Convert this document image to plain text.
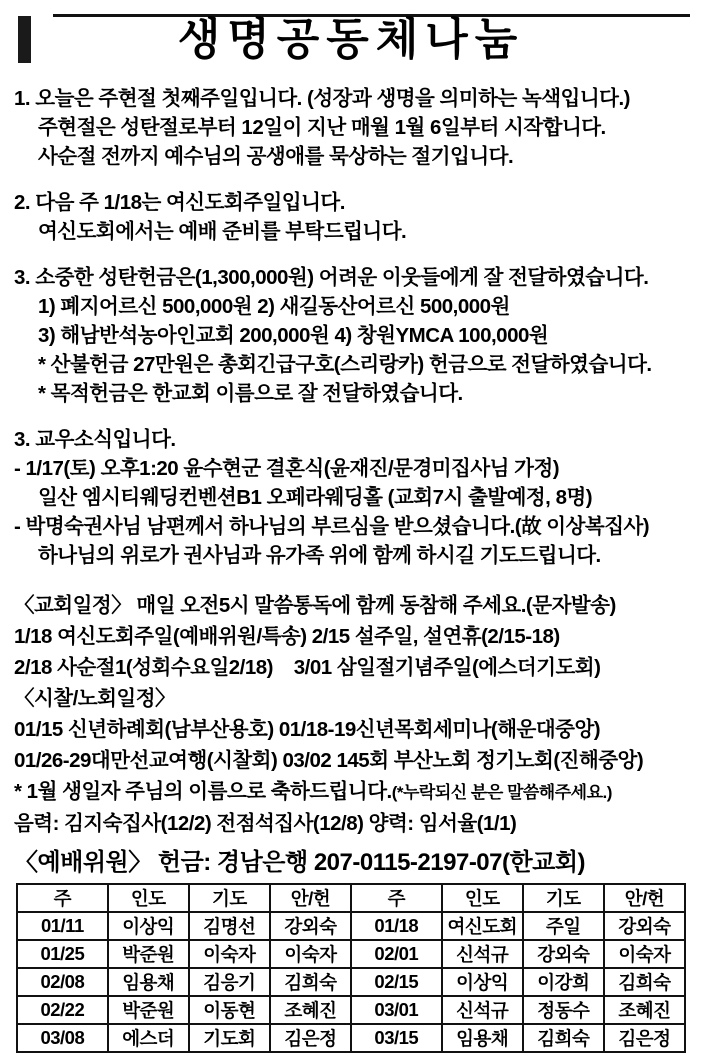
생명공동체나눔
1. 오늘은 주현절 첫째주일입니다. (성장과 생명을 의미하는 녹색입니다.)
주현절은 성탄절로부터 12일이 지난 매월 1월 6일부터 시작합니다.
사순절 전까지 예수님의 공생애를 묵상하는 절기입니다.
2. 다음 주 1/18는 여신도회주일입니다.
여신도회에서는 예배 준비를 부탁드립니다.
3. 소중한 성탄헌금은(1,300,000원) 어려운 이웃들에게 잘 전달하였습니다.
1) 폐지어르신 500,000원 2) 새길동산어르신 500,000원
3) 해남반석농아인교회 200,000원 4) 창원YMCA 100,000원
* 산불헌금 27만원은 총회긴급구호(스리랑카) 헌금으로 전달하였습니다.
* 목적헌금은 한교회 이름으로 잘 전달하였습니다.
3. 교우소식입니다.
- 1/17(토) 오후1:20 윤수현군 결혼식(윤재진/문경미집사님 가정)
일산 엠시티웨딩컨벤션B1 오페라웨딩홀 (교회7시 출발예정, 8명)
- 박명숙권사님 남편께서 하나님의 부르심을 받으셨습니다.(故 이상복집사)
하나님의 위로가 권사님과 유가족 위에 함께 하시길 기도드립니다.
〈교회일정〉 매일 오전5시 말씀통독에 함께 동참해 주세요.(문자발송)
1/18 여신도회주일(예배위원/특송) 2/15 설주일, 설연휴(2/15-18)
2/18 사순절1(성회수요일2/18)    3/01 삼일절기념주일(에스더기도회)
〈시찰/노회일정〉
01/15 신년하례회(남부산용호) 01/18-19신년목회세미나(해운대중앙)
01/26-29대만선교여행(시찰회) 03/02 145회 부산노회 정기노회(진해중앙)
* 1월 생일자 주님의 이름으로 축하드립니다.(*누락되신 분은 말씀해주세요.)
음력: 김지숙집사(12/2) 전점석집사(12/8) 양력: 임서율(1/1)
〈예배위원〉 헌금: 경남은행 207-0115-2197-07(한교회)
주	인도	기도	안/헌	주	인도	기도	안/헌
01/11	이상익	김명선	강외숙	01/18	여신도회	주일	강외숙
01/25	박준원	이숙자	이숙자	02/01	신석규	강외숙	이숙자
02/08	임용채	김응기	김희숙	02/15	이상익	이강희	김희숙
02/22	박준원	이동현	조혜진	03/01	신석규	정동수	조혜진
03/08	에스더	기도회	김은정	03/15	임용채	김희숙	김은정
